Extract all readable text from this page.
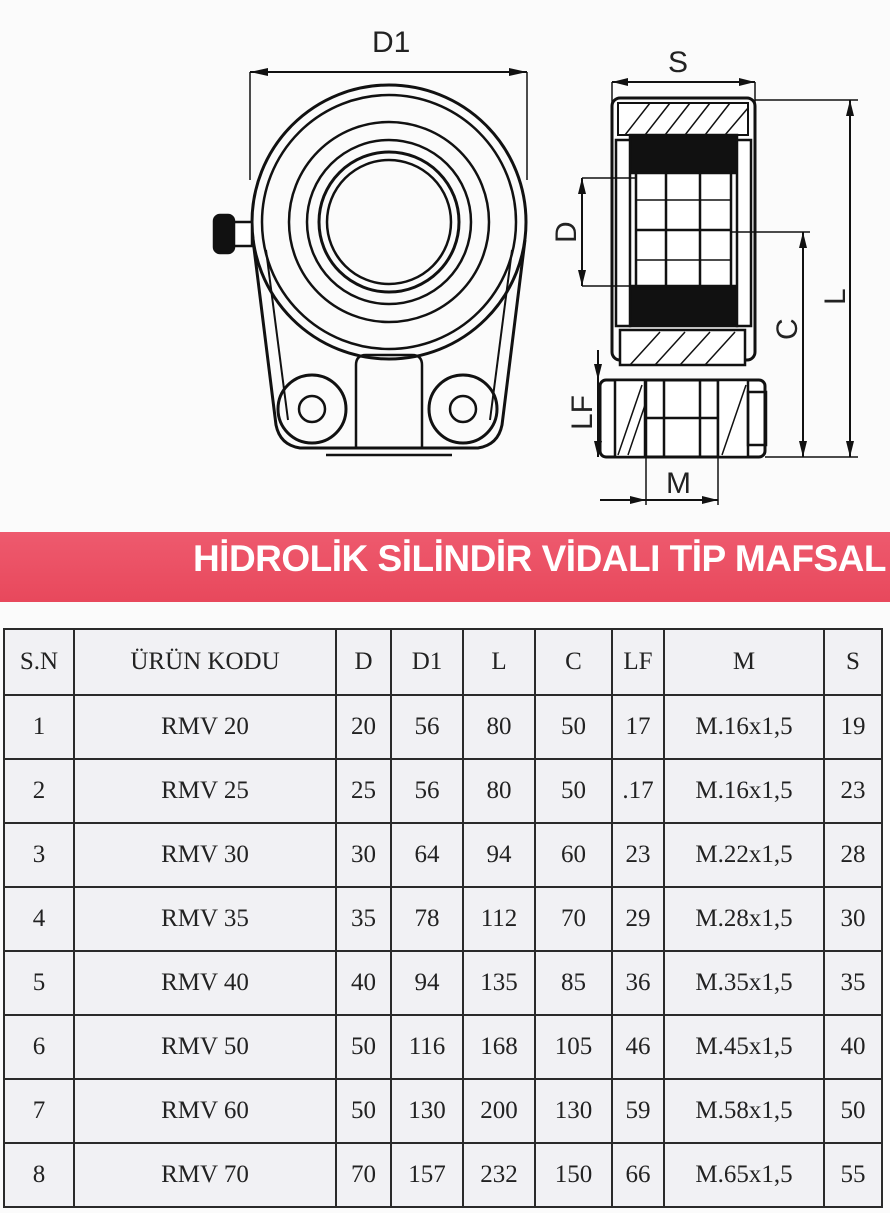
D1
S
D
L
C
LF
M
HİDROLİK SİLİNDİR VİDALI TİP MAFSAL
S.N	ÜRÜN KODU	D	D1	L	C	LF	M	S
1	RMV 20	20	56	80	50	17	M.16x1,5	19
2	RMV 25	25	56	80	50	.17	M.16x1,5	23
3	RMV 30	30	64	94	60	23	M.22x1,5	28
4	RMV 35	35	78	112	70	29	M.28x1,5	30
5	RMV 40	40	94	135	85	36	M.35x1,5	35
6	RMV 50	50	116	168	105	46	M.45x1,5	40
7	RMV 60	50	130	200	130	59	M.58x1,5	50
8	RMV 70	70	157	232	150	66	M.65x1,5	55
